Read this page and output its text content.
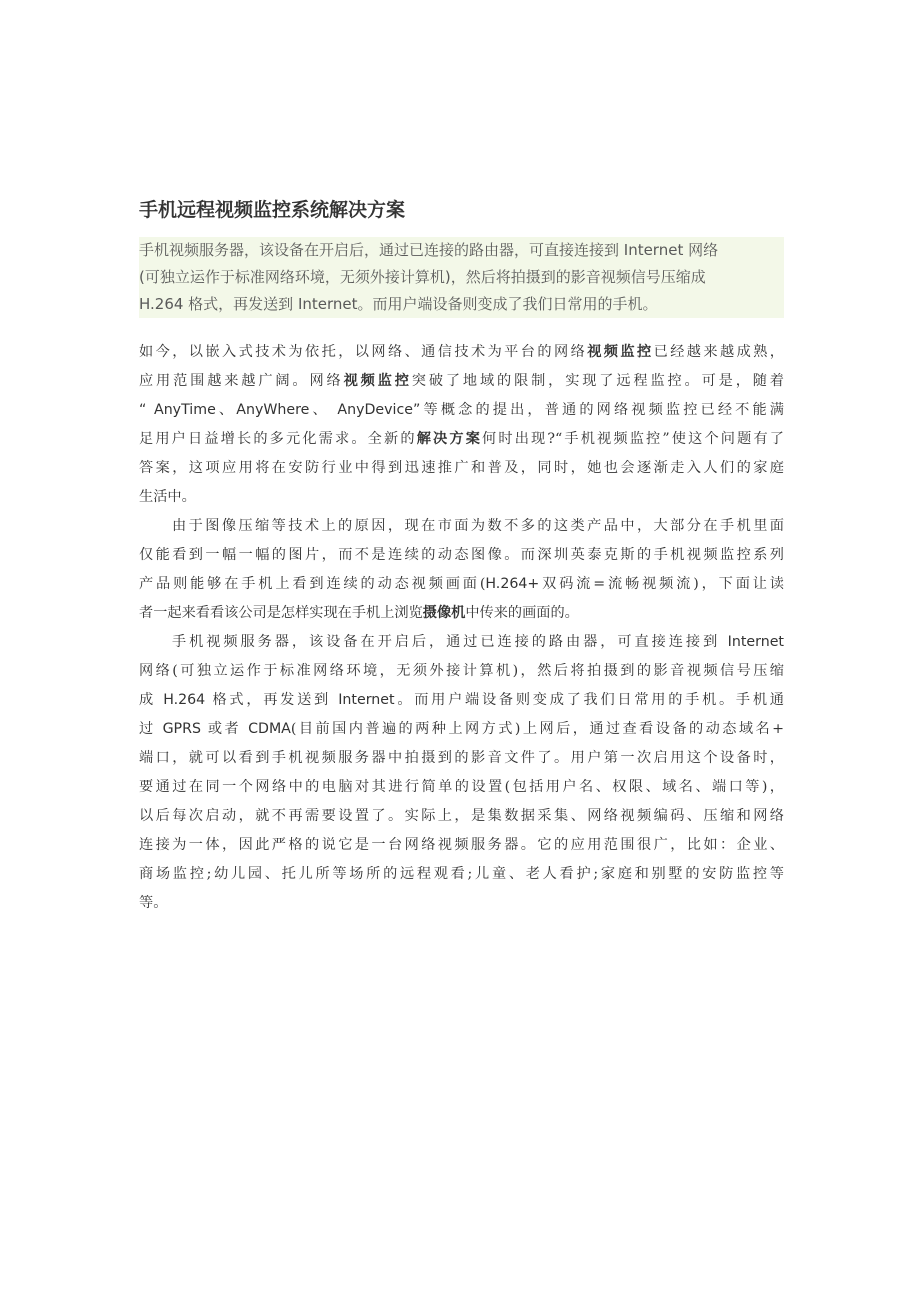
手机远程视频监控系统解决方案
手机视频服务器，该设备在开启后，通过已连接的路由器，可直接连接到 Internet 网络
(可独立运作于标准网络环境，无须外接计算机)，然后将拍摄到的影音视频信号压缩成
H.264 格式，再发送到 Internet。而用户端设备则变成了我们日常用的手机。
如今，以嵌入式技术为依托，以网络、通信技术为平台的网络视频监控已经越来越成熟，
应用范围越来越广阔。网络视频监控突破了地域的限制，实现了远程监控。可是，随着
“ AnyTime、AnyWhere、 AnyDevice”等概念的提出，普通的网络视频监控已经不能满
足用户日益增长的多元化需求。全新的解决方案何时出现?“手机视频监控”使这个问题有了
答案，这项应用将在安防行业中得到迅速推广和普及，同时，她也会逐渐走入人们的家庭
生活中。
由于图像压缩等技术上的原因，现在市面为数不多的这类产品中，大部分在手机里面
仅能看到一幅一幅的图片，而不是连续的动态图像。而深圳英泰克斯的手机视频监控系列
产品则能够在手机上看到连续的动态视频画面(H.264+双码流=流畅视频流)，下面让读
者一起来看看该公司是怎样实现在手机上浏览摄像机中传来的画面的。
手机视频服务器，该设备在开启后，通过已连接的路由器，可直接连接到 Internet
网络(可独立运作于标准网络环境，无须外接计算机)，然后将拍摄到的影音视频信号压缩
成 H.264 格式，再发送到 Internet。而用户端设备则变成了我们日常用的手机。手机通
过 GPRS 或者 CDMA(目前国内普遍的两种上网方式)上网后，通过查看设备的动态域名+
端口，就可以看到手机视频服务器中拍摄到的影音文件了。用户第一次启用这个设备时，
要通过在同一个网络中的电脑对其进行简单的设置(包括用户名、权限、域名、端口等)，
以后每次启动，就不再需要设置了。实际上，是集数据采集、网络视频编码、压缩和网络
连接为一体，因此严格的说它是一台网络视频服务器。它的应用范围很广，比如：企业、
商场监控;幼儿园、托儿所等场所的远程观看;儿童、老人看护;家庭和别墅的安防监控等
等。
